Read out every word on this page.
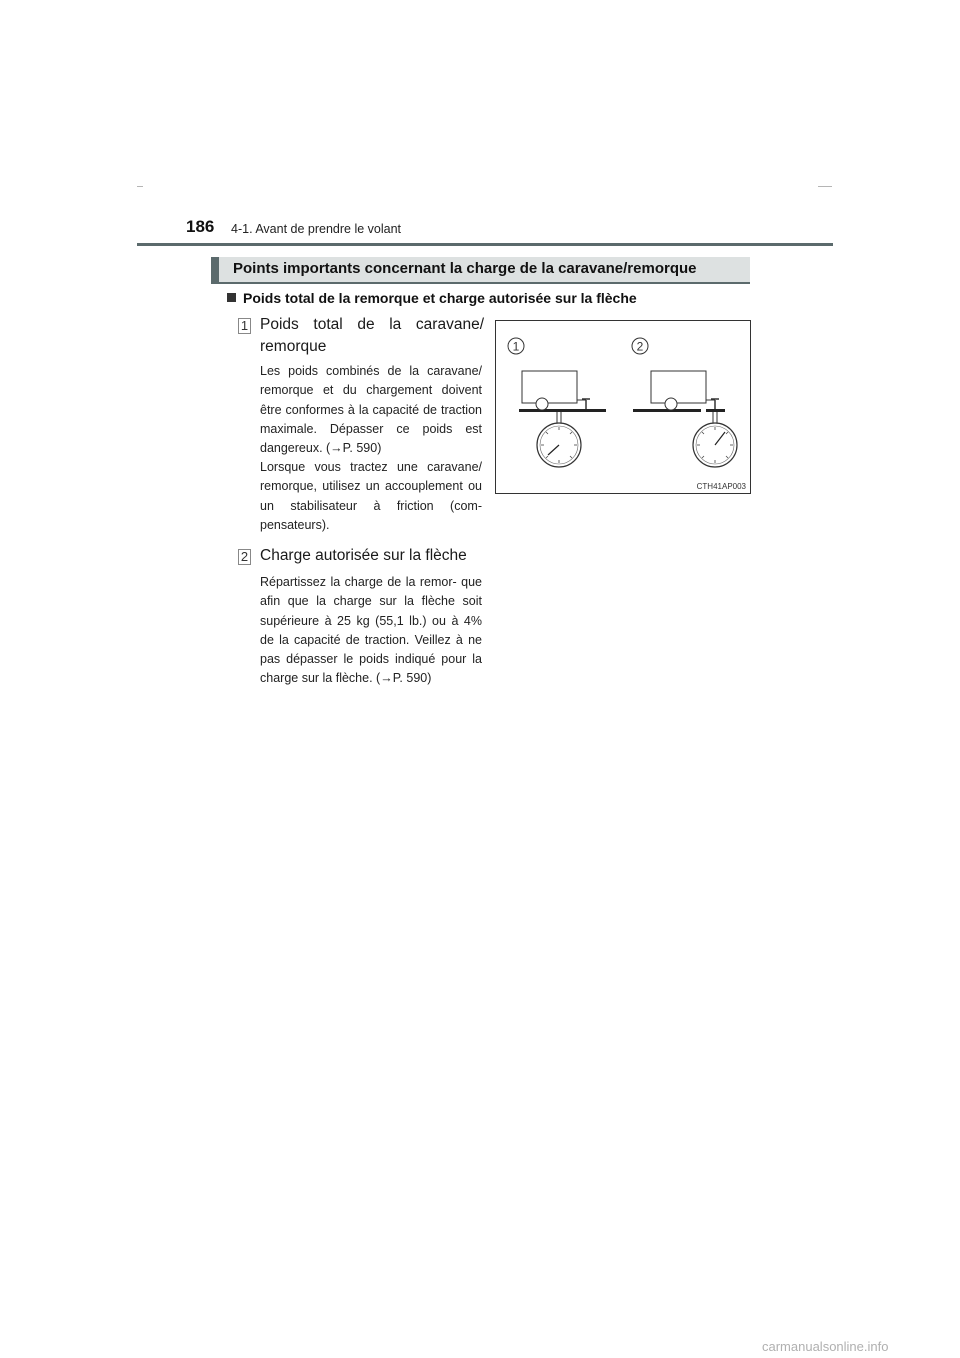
186 4-1. Avant de prendre le volant
Points importants concernant la charge de la caravane/remorque
Poids total de la remorque et charge autorisée sur la flèche
1 Poids total de la caravane/ remorque
Les poids combinés de la caravane/ remorque et du chargement doivent être conformes à la capacité de traction maximale. Dépasser ce poids est dangereux. (→P. 590)
Lorsque vous tractez une caravane/ remorque, utilisez un accouplement ou un stabilisateur à friction (com- pensateurs).
2 Charge autorisée sur la flèche
Répartissez la charge de la remor- que afin que la charge sur la flèche soit supérieure à 25 kg (55,1 lb.) ou à 4% de la capacité de traction. Veillez à ne pas dépasser le poids indiqué pour la charge sur la flèche. (→P. 590)
1	2
CTH41AP003
carmanualsonline.info
